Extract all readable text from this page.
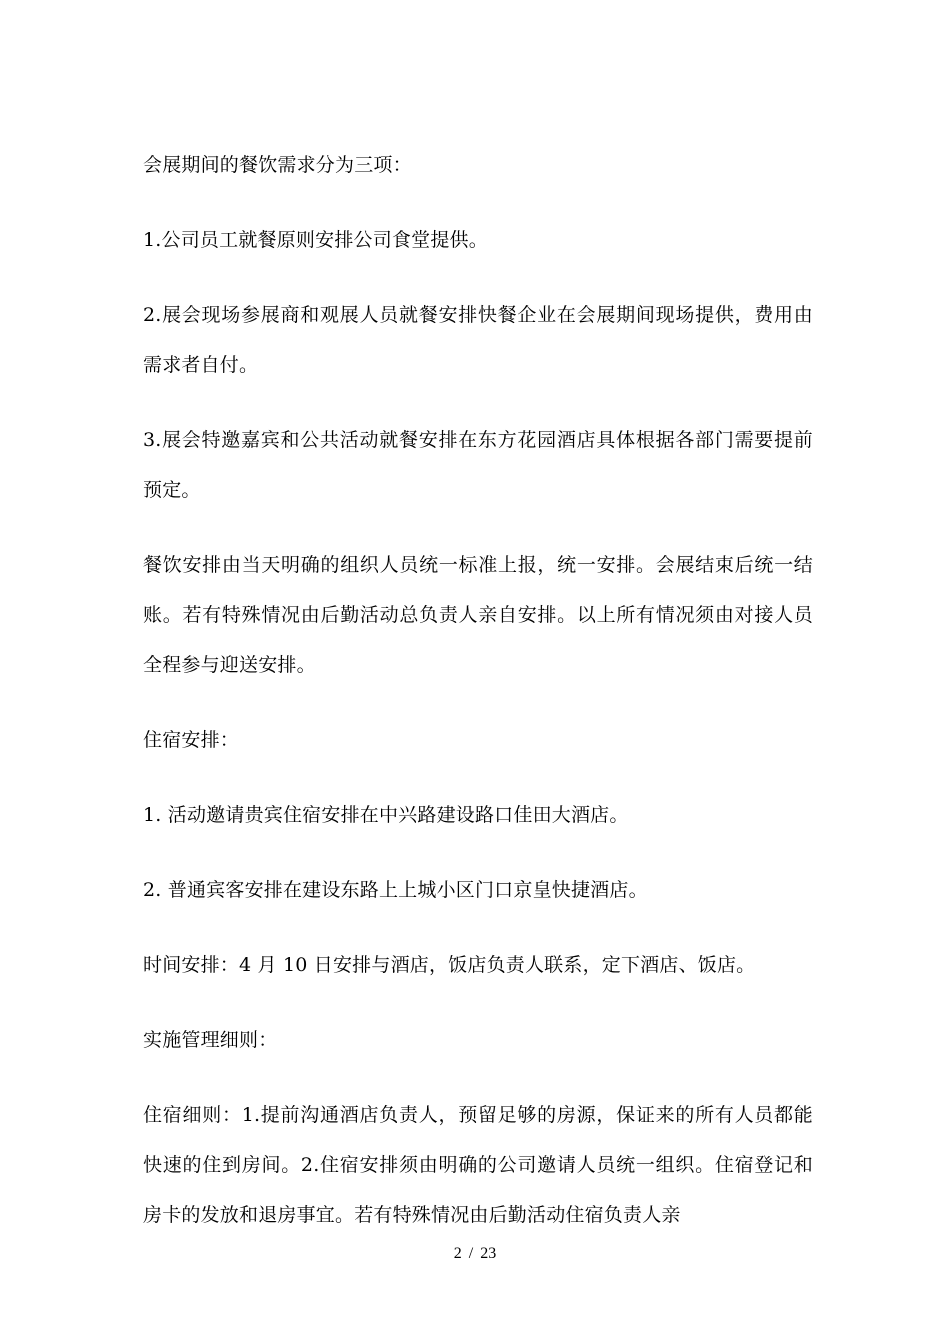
会展期间的餐饮需求分为三项：

1.公司员工就餐原则安排公司食堂提供。

2.展会现场参展商和观展人员就餐安排快餐企业在会展期间现场提供，费用由需求者自付。

3.展会特邀嘉宾和公共活动就餐安排在东方花园酒店具体根据各部门需要提前预定。

餐饮安排由当天明确的组织人员统一标准上报，统一安排。会展结束后统一结账。若有特殊情况由后勤活动总负责人亲自安排。以上所有情况须由对接人员全程参与迎送安排。

住宿安排：

1. 活动邀请贵宾住宿安排在中兴路建设路口佳田大酒店。

2. 普通宾客安排在建设东路上上城小区门口京皇快捷酒店。

时间安排：4 月 10 日安排与酒店，饭店负责人联系，定下酒店、饭店。

实施管理细则：

住宿细则：1.提前沟通酒店负责人，预留足够的房源，保证来的所有人员都能快速的住到房间。2.住宿安排须由明确的公司邀请人员统一组织。住宿登记和房卡的发放和退房事宜。若有特殊情况由后勤活动住宿负责人亲

2 / 23
